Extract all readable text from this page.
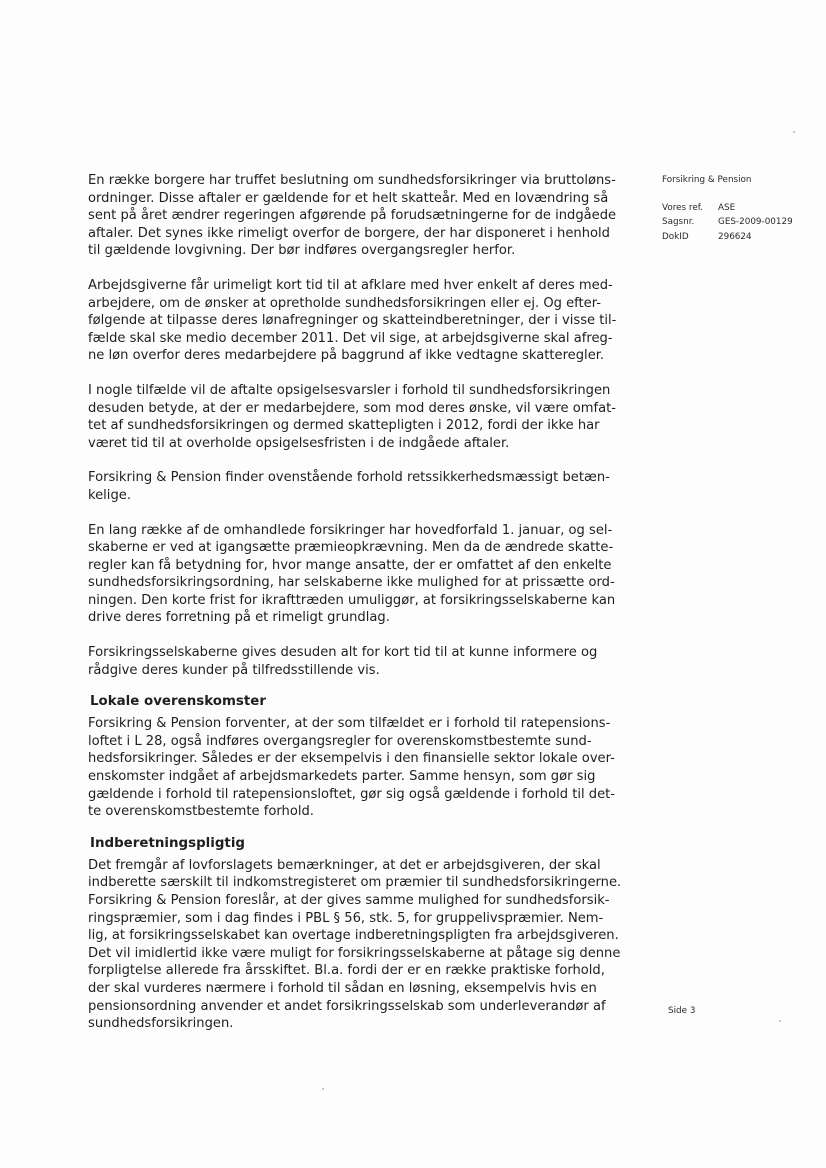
En række borgere har truffet beslutning om sundhedsforsikringer via bruttoløns-
ordninger. Disse aftaler er gældende for et helt skatteår. Med en lovændring så
sent på året ændrer regeringen afgørende på forudsætningerne for de indgåede
aftaler. Det synes ikke rimeligt overfor de borgere, der har disponeret i henhold
til gældende lovgivning. Der bør indføres overgangsregler herfor.

Arbejdsgiverne får urimeligt kort tid til at afklare med hver enkelt af deres med-
arbejdere, om de ønsker at opretholde sundhedsforsikringen eller ej. Og efter-
følgende at tilpasse deres lønafregninger og skatteindberetninger, der i visse til-
fælde skal ske medio december 2011. Det vil sige, at arbejdsgiverne skal afreg-
ne løn overfor deres medarbejdere på baggrund af ikke vedtagne skatteregler.

I nogle tilfælde vil de aftalte opsigelsesvarsler i forhold til sundhedsforsikringen
desuden betyde, at der er medarbejdere, som mod deres ønske, vil være omfat-
tet af sundhedsforsikringen og dermed skattepligten i 2012, fordi der ikke har
været tid til at overholde opsigelsesfristen i de indgåede aftaler.

Forsikring & Pension finder ovenstående forhold retssikkerhedsmæssigt betæn-
kelige.

En lang række af de omhandlede forsikringer har hovedforfald 1. januar, og sel-
skaberne er ved at igangsætte præmieopkrævning. Men da de ændrede skatte-
regler kan få betydning for, hvor mange ansatte, der er omfattet af den enkelte
sundhedsforsikringsordning, har selskaberne ikke mulighed for at prissætte ord-
ningen. Den korte frist for ikrafttræden umuliggør, at forsikringsselskaberne kan
drive deres forretning på et rimeligt grundlag.

Forsikringsselskaberne gives desuden alt for kort tid til at kunne informere og
rådgive deres kunder på tilfredsstillende vis.

Lokale overenskomster

Forsikring & Pension forventer, at der som tilfældet er i forhold til ratepensions-
loftet i L 28, også indføres overgangsregler for overenskomstbestemte sund-
hedsforsikringer. Således er der eksempelvis i den finansielle sektor lokale over-
enskomster indgået af arbejdsmarkedets parter. Samme hensyn, som gør sig
gældende i forhold til ratepensionsloftet, gør sig også gældende i forhold til det-
te overenskomstbestemte forhold.

Indberetningspligtig

Det fremgår af lovforslagets bemærkninger, at det er arbejdsgiveren, der skal
indberette særskilt til indkomstregisteret om præmier til sundhedsforsikringerne.
Forsikring & Pension foreslår, at der gives samme mulighed for sundhedsforsik-
ringspræmier, som i dag findes i PBL § 56, stk. 5, for gruppelivspræmier. Nem-
lig, at forsikringsselskabet kan overtage indberetningspligten fra arbejdsgiveren.
Det vil imidlertid ikke være muligt for forsikringsselskaberne at påtage sig denne
forpligtelse allerede fra årsskiftet. Bl.a. fordi der er en række praktiske forhold,
der skal vurderes nærmere i forhold til sådan en løsning, eksempelvis hvis en
pensionsordning anvender et andet forsikringsselskab som underleverandør af
sundhedsforsikringen.

Forsikring & Pension
Vores ref. ASE
Sagsnr.	GES-2009-00129
DokID	296624
Side 3
